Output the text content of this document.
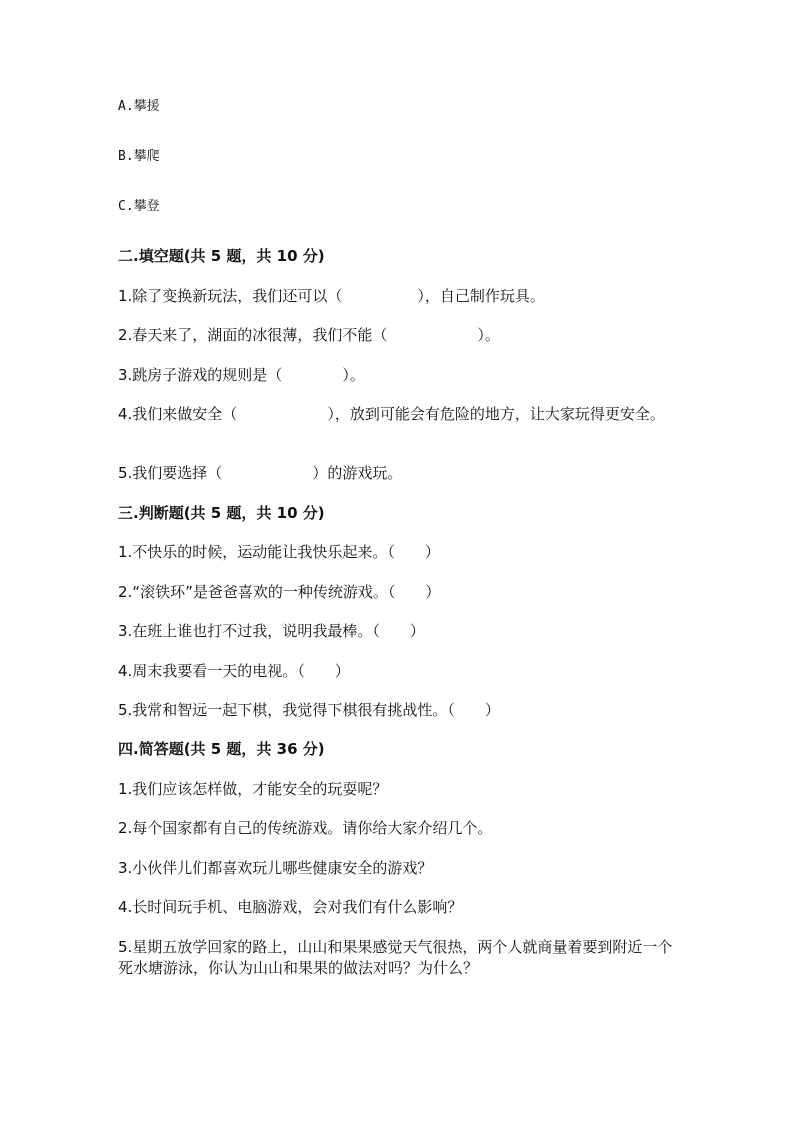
A.攀援
B.攀爬
C.攀登
二.填空题(共 5 题，共 10 分)
1.除了变换新玩法，我们还可以（　　　　　），自己制作玩具。
2.春天来了，湖面的冰很薄，我们不能（　　　　　　）。
3.跳房子游戏的规则是（　　　　）。
4.我们来做安全（　　　　　　），放到可能会有危险的地方，让大家玩得更安全。
5.我们要选择（　　　　　　）的游戏玩。
三.判断题(共 5 题，共 10 分)
1.不快乐的时候，运动能让我快乐起来。（　　）
2.“滚铁环”是爸爸喜欢的一种传统游戏。（　　）
3.在班上谁也打不过我，说明我最棒。（　　）
4.周末我要看一天的电视。（　　）
5.我常和智远一起下棋，我觉得下棋很有挑战性。（　　）
四.简答题(共 5 题，共 36 分)
1.我们应该怎样做，才能安全的玩耍呢？
2.每个国家都有自己的传统游戏。请你给大家介绍几个。
3.小伙伴儿们都喜欢玩儿哪些健康安全的游戏？
4.长时间玩手机、电脑游戏，会对我们有什么影响？
5.星期五放学回家的路上，山山和果果感觉天气很热，两个人就商量着要到附近一个死水塘游泳，你认为山山和果果的做法对吗？为什么？
